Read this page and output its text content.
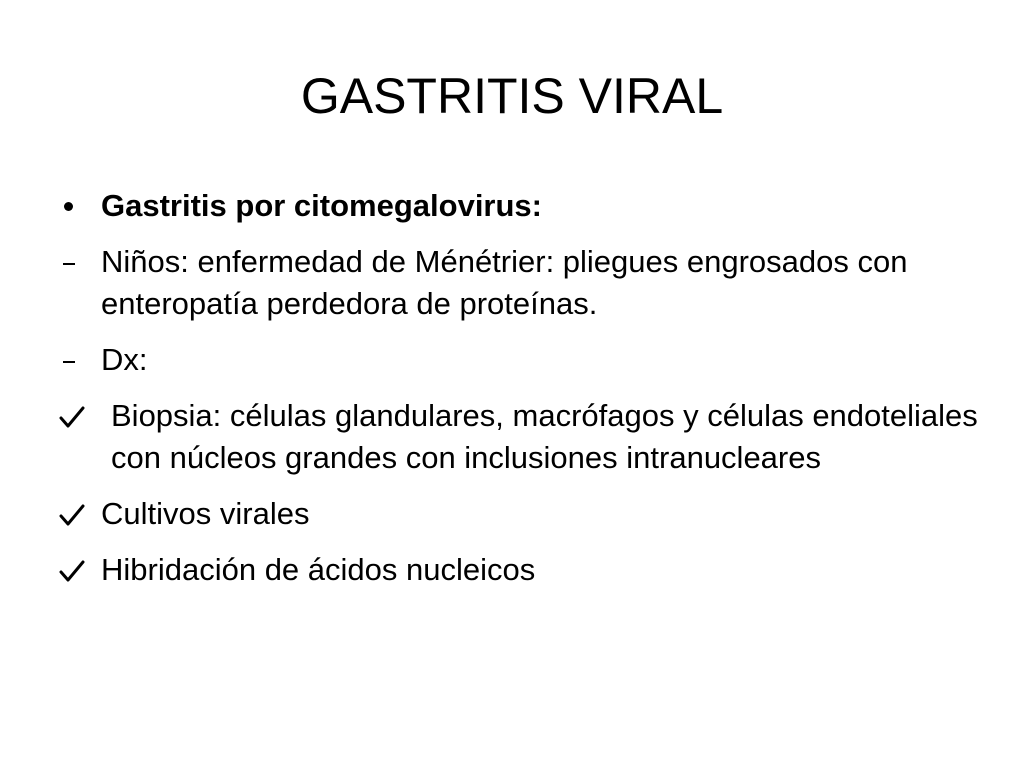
GASTRITIS VIRAL
Gastritis por citomegalovirus:
Niños: enfermedad de Ménétrier: pliegues engrosados con enteropatía perdedora de proteínas.
Dx:
Biopsia: células glandulares, macrófagos y células endoteliales con núcleos grandes con inclusiones intranucleares
Cultivos virales
Hibridación de ácidos nucleicos
